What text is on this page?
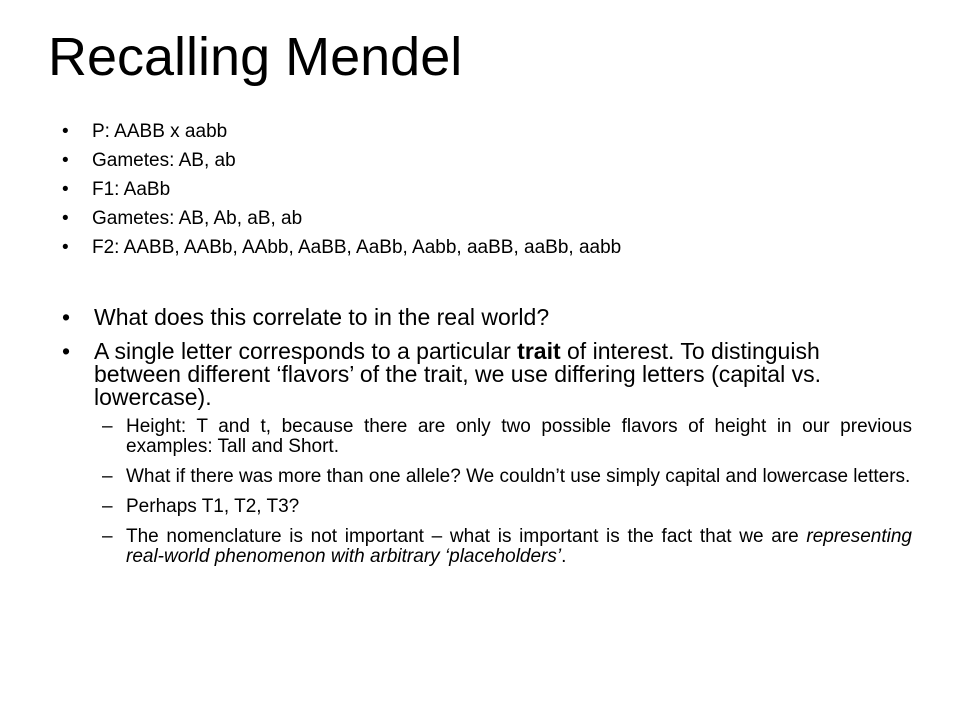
Recalling Mendel
• P: AABB x aabb
• Gametes: AB, ab
• F1: AaBb
• Gametes: AB, Ab, aB, ab
• F2: AABB, AABb, AAbb, AaBB, AaBb, Aabb, aaBB, aaBb, aabb
• What does this correlate to in the real world?
• A single letter corresponds to a particular trait of interest. To distinguish between different ‘flavors’ of the trait, we use differing letters (capital vs. lowercase).
– Height: T and t, because there are only two possible flavors of height in our previous examples: Tall and Short.
– What if there was more than one allele? We couldn’t use simply capital and lowercase letters.
– Perhaps T1, T2, T3?
– The nomenclature is not important – what is important is the fact that we are representing real-world phenomenon with arbitrary ‘placeholders’.
